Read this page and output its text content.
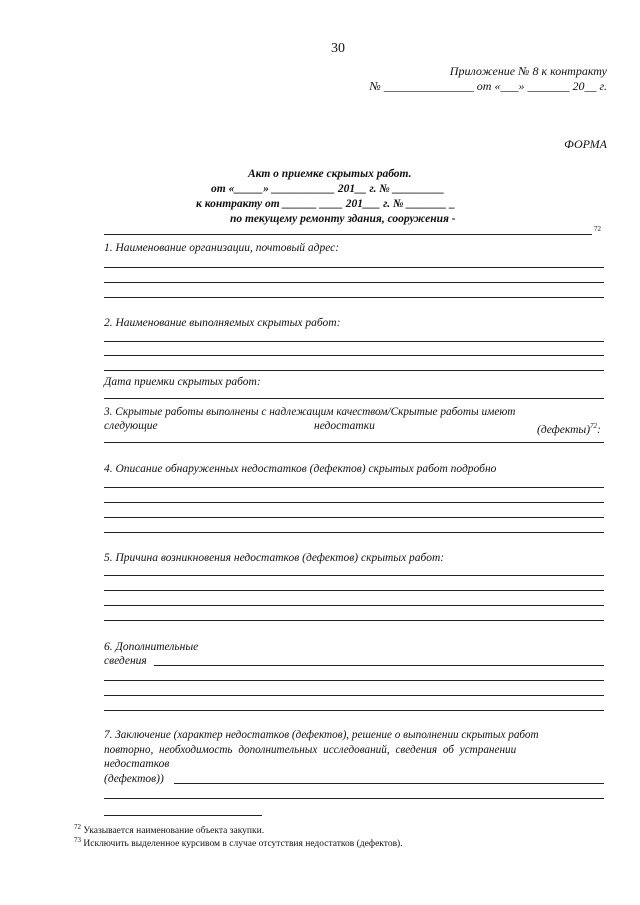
30
Приложение № 8 к контракту
№ _______________ от «___» _______ 20__ г.
ФОРМА
Акт о приемке скрытых работ.
от «_____» ___________ 201__ г. № _________
к контракту от ______ ____ 201___ г. № _______ _
по текущему ремонту здания, сооружения -
72
1. Наименование организации, почтовый адрес:
2. Наименование выполняемых скрытых работ:
Дата приемки скрытых работ:
3. Скрытые работы выполнены с надлежащим качеством/Скрытые работы имеют
следующие	недостатки	(дефекты)$^{72}$:
4. Описание обнаруженных недостатков (дефектов) скрытых работ подробно
5. Причина возникновения недостатков (дефектов) скрытых работ:
6. Дополнительные
сведения
7. Заключение (характер недостатков (дефектов), решение о выполнении скрытых работ
повторно, необходимость дополнительных исследований, сведения об устранении
недостатков
(дефектов))
$^{72}$ Указывается наименование объекта закупки.
$^{73}$ Исключить выделенное курсивом в случае отсутствия недостатков (дефектов).
